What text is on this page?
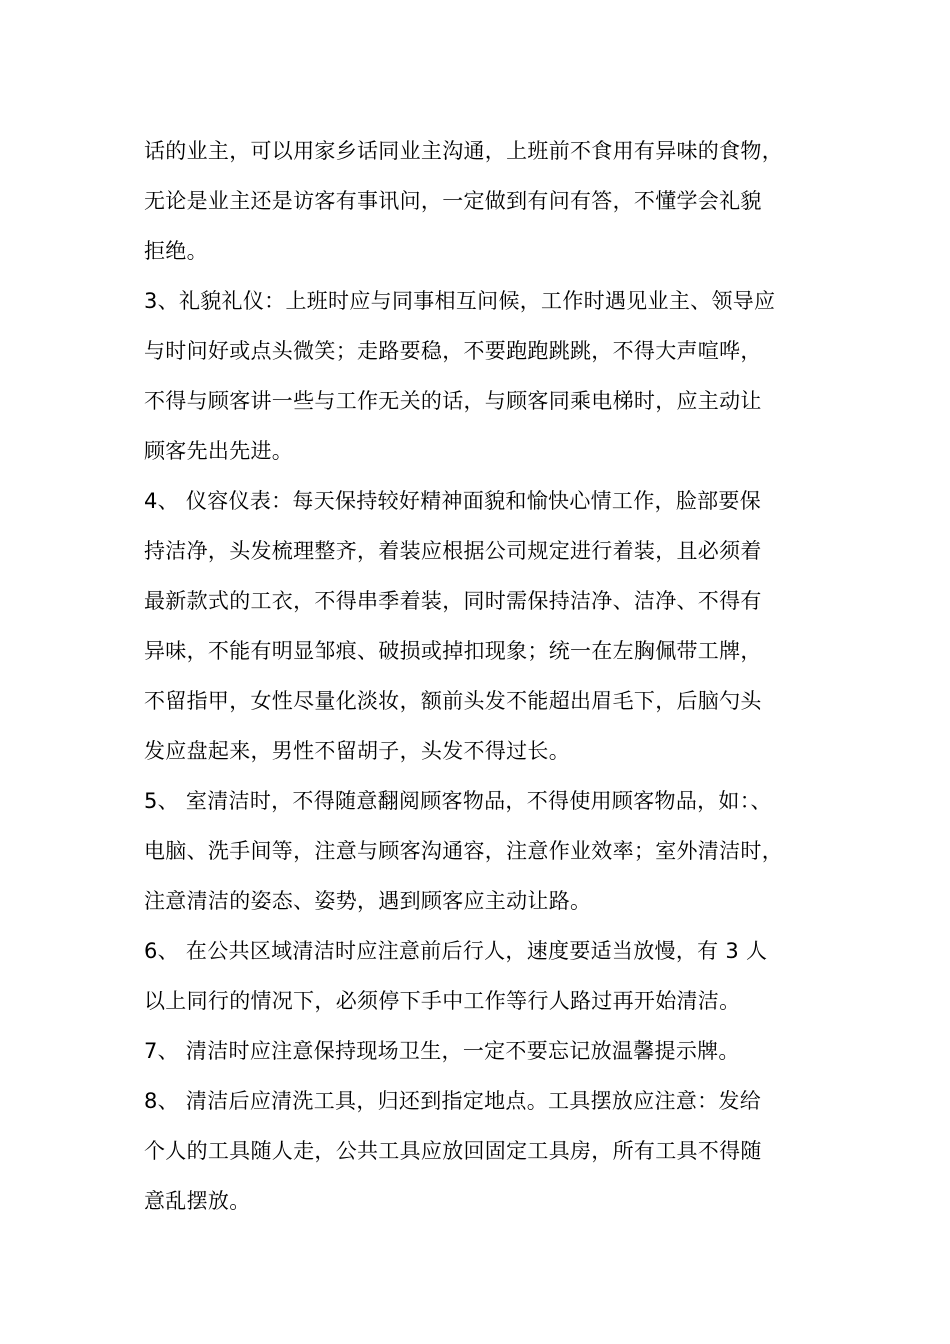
话的业主，可以用家乡话同业主沟通，上班前不食用有异味的食物，
无论是业主还是访客有事讯问，一定做到有问有答，不懂学会礼貌
拒绝。
3、礼貌礼仪：上班时应与同事相互问候，工作时遇见业主、领导应
与时问好或点头微笑；走路要稳，不要跑跑跳跳，不得大声喧哗，
不得与顾客讲一些与工作无关的话，与顾客同乘电梯时，应主动让
顾客先出先进。
4、 仪容仪表：每天保持较好精神面貌和愉快心情工作，脸部要保
持洁净，头发梳理整齐，着装应根据公司规定进行着装，且必须着
最新款式的工衣，不得串季着装，同时需保持洁净、洁净、不得有
异味，不能有明显邹痕、破损或掉扣现象；统一在左胸佩带工牌，
不留指甲，女性尽量化淡妆，额前头发不能超出眉毛下，后脑勺头
发应盘起来，男性不留胡子，头发不得过长。
5、 室清洁时，不得随意翻阅顾客物品，不得使用顾客物品，如：、
电脑、洗手间等，注意与顾客沟通容，注意作业效率；室外清洁时，
注意清洁的姿态、姿势，遇到顾客应主动让路。
6、 在公共区域清洁时应注意前后行人，速度要适当放慢，有 3 人
以上同行的情况下，必须停下手中工作等行人路过再开始清洁。
7、 清洁时应注意保持现场卫生，一定不要忘记放温馨提示牌。
8、 清洁后应清洗工具，归还到指定地点。工具摆放应注意：发给
个人的工具随人走，公共工具应放回固定工具房，所有工具不得随
意乱摆放。
